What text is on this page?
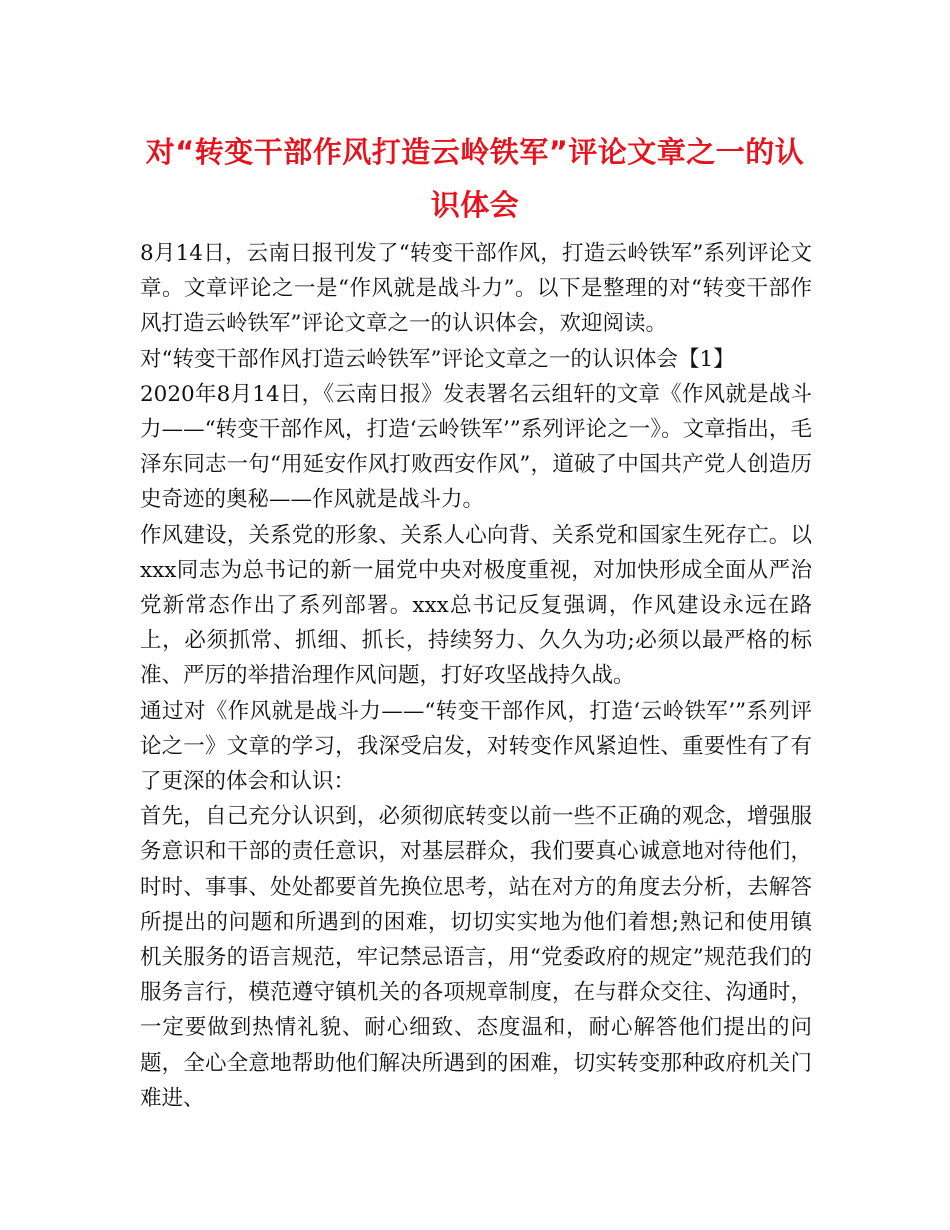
对“转变干部作风打造云岭铁军”评论文章之一的认识体会

8月14日，云南日报刊发了“转变干部作风，打造云岭铁军”系列评论文章。文章评论之一是“作风就是战斗力”。以下是整理的对“转变干部作风打造云岭铁军”评论文章之一的认识体会，欢迎阅读。

对“转变干部作风打造云岭铁军”评论文章之一的认识体会【1】

2020年8月14日，《云南日报》发表署名云组轩的文章《作风就是战斗力——“转变干部作风，打造‘云岭铁军’”系列评论之一》。文章指出，毛泽东同志一句“用延安作风打败西安作风”，道破了中国共产党人创造历史奇迹的奥秘——作风就是战斗力。

作风建设，关系党的形象、关系人心向背、关系党和国家生死存亡。以xxx同志为总书记的新一届党中央对极度重视，对加快形成全面从严治党新常态作出了系列部署。xxx总书记反复强调，作风建设永远在路上，必须抓常、抓细、抓长，持续努力、久久为功;必须以最严格的标准、严厉的举措治理作风问题，打好攻坚战持久战。

通过对《作风就是战斗力——“转变干部作风，打造‘云岭铁军’”系列评论之一》文章的学习，我深受启发，对转变作风紧迫性、重要性有了有了更深的体会和认识：

首先，自己充分认识到，必须彻底转变以前一些不正确的观念，增强服务意识和干部的责任意识，对基层群众，我们要真心诚意地对待他们，时时、事事、处处都要首先换位思考，站在对方的角度去分析，去解答所提出的问题和所遇到的困难，切切实实地为他们着想;熟记和使用镇机关服务的语言规范，牢记禁忌语言，用“党委政府的规定”规范我们的服务言行，模范遵守镇机关的各项规章制度，在与群众交往、沟通时，一定要做到热情礼貌、耐心细致、态度温和，耐心解答他们提出的问题，全心全意地帮助他们解决所遇到的困难，切实转变那种政府机关门难进、
